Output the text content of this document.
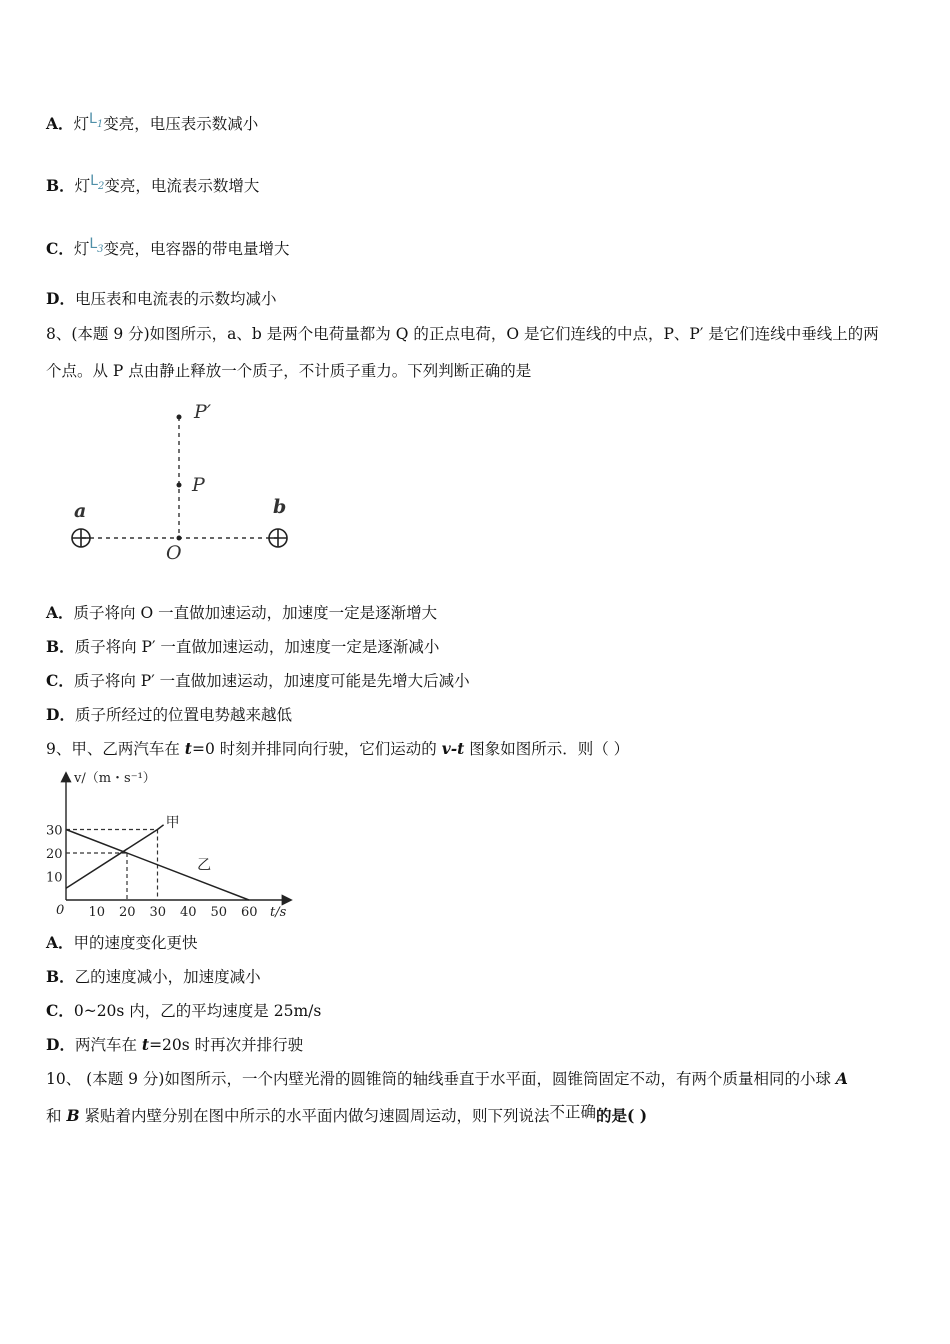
A．灯L1变亮，电压表示数减小
B．灯L2变亮，电流表示数增大
C．灯L3变亮，电容器的带电量增大
D．电压表和电流表的示数均减小
8、(本题 9 分)如图所示，a、b 是两个电荷量都为 Q 的正点电荷，O 是它们连线的中点，P、P′ 是它们连线中垂线上的两
个点。从 P 点由静止释放一个质子，不计质子重力。下列判断正确的是
P′
P
a	b
O
A．质子将向 O 一直做加速运动，加速度一定是逐渐增大
B．质子将向 P′ 一直做加速运动，加速度一定是逐渐减小
C．质子将向 P′ 一直做加速运动，加速度可能是先增大后减小
D．质子所经过的位置电势越来越低
9、甲、乙两汽车在 t=0 时刻并排同向行驶，它们运动的 v-t 图象如图所示．则（ ）
10 20 30 40 50 60
10
20
30
v/（m・s⁻¹）
t/s
0
甲
乙
A．甲的速度变化更快
B．乙的速度减小，加速度减小
C．0~20s 内，乙的平均速度是 25m/s
D．两汽车在 t=20s 时再次并排行驶
10、 (本题 9 分)如图所示，一个内壁光滑的圆锥筒的轴线垂直于水平面，圆锥筒固定不动，有两个质量相同的小球 A
和 B 紧贴着内壁分别在图中所示的水平面内做匀速圆周运动，则下列说法不正确的是( )
